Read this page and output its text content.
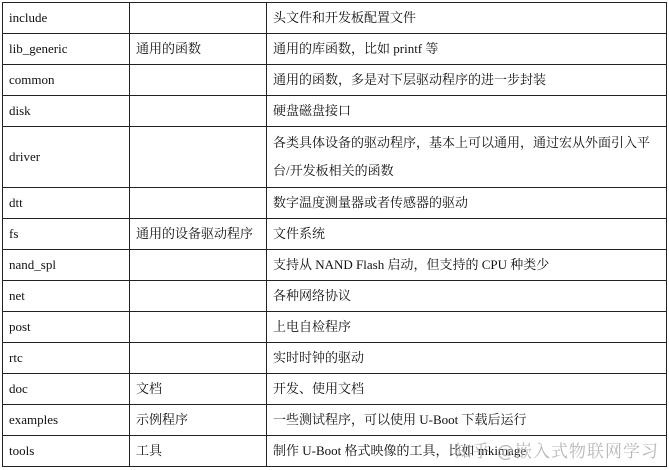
include		头文件和开发板配置文件
lib_generic	通用的函数	通用的库函数，比如 printf 等
common		通用的函数，多是对下层驱动程序的进一步封装
disk		硬盘磁盘接口
driver		各类具体设备的驱动程序，基本上可以通用，通过宏从外面引入平台/开发板相关的函数
dtt		数字温度测量器或者传感器的驱动
fs	通用的设备驱动程序	文件系统
nand_spl		支持从 NAND Flash 启动，但支持的 CPU 种类少
net		各种网络协议
post		上电自检程序
rtc		实时时钟的驱动
doc	文档	开发、使用文档
examples	示例程序	一些测试程序，可以使用 U-Boot 下载后运行
tools	工具	制作 U-Boot 格式映像的工具，比如 mkimage
知乎 @嵌入式物联网学习
